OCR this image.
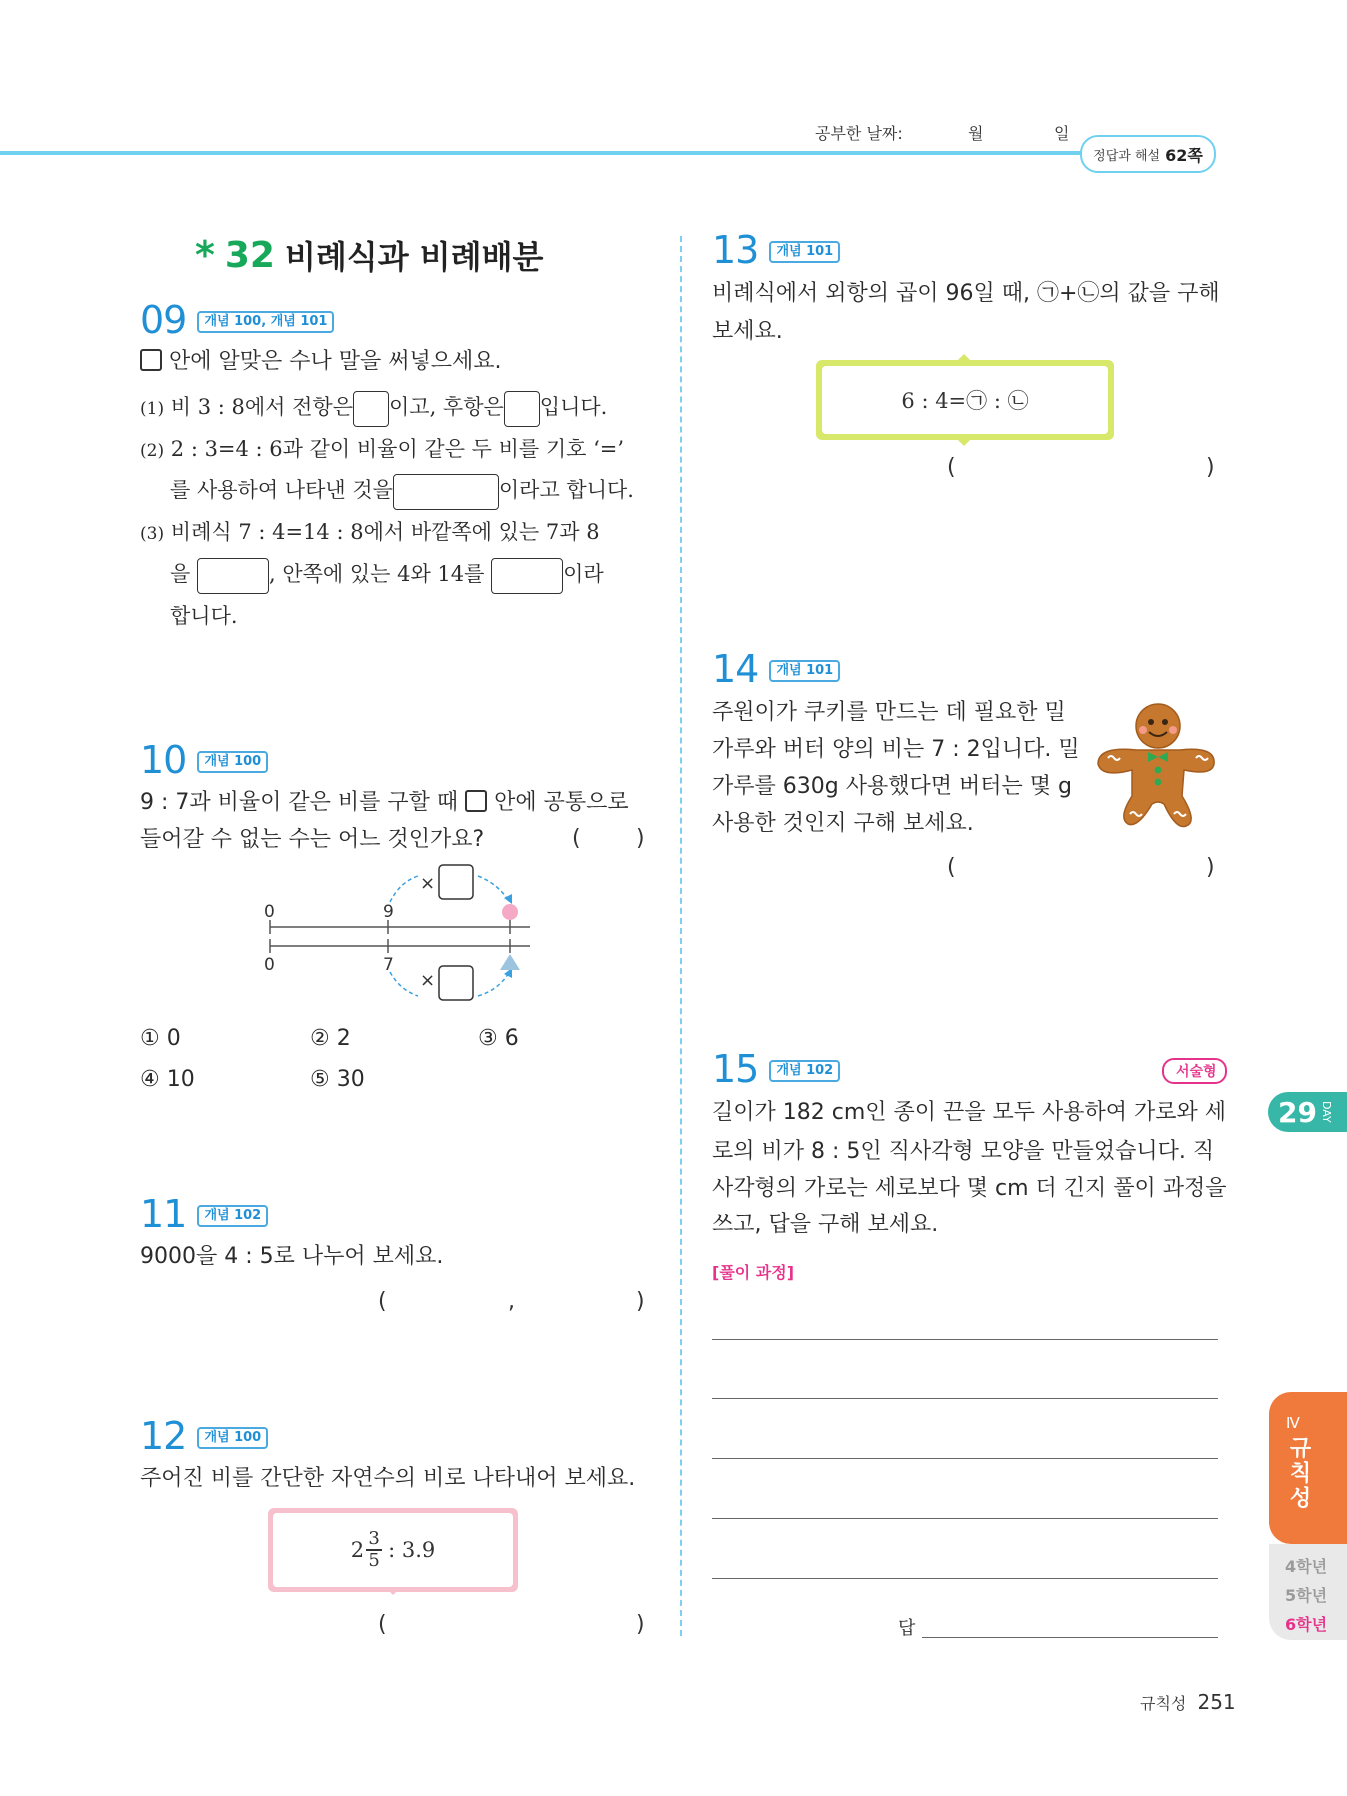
공부한 날짜:	월	일
정답과 해설 62쪽
* 32 비례식과 비례배분
09 개념 100, 개념 101
안에 알맞은 수나 말을 써넣으세요.
(1) 비 3 : 8에서 전항은 이고, 후항은 입니다.
(2) 2 : 3=4 : 6과 같이 비율이 같은 두 비를 기호 ‘=’
를 사용하여 나타낸 것을	이라고 합니다.
(3) 비례식 7 : 4=14 : 8에서 바깥쪽에 있는 7과 8
을	, 안쪽에 있는 4와 14를	이라
합니다.
10 개념 100
9 : 7과 비율이 같은 비를 구할 때 안에 공통으로
들어갈 수 없는 수는 어느 것인가요?	(	)
0	9
0	7
×
×
① 0	② 2	③ 6
④ 10	⑤ 30
11 개념 102
9000을 4 : 5로 나누어 보세요.
(	,	)
12 개념 100
주어진 비를 간단한 자연수의 비로 나타내어 보세요.
2 3
5 : 3.9
(	)
13 개념 101
비례식에서 외항의 곱이 96일 때, ㉠+㉡의 값을 구해
보세요.
6 : 4=㉠ : ㉡
(	)
14 개념 101
주원이가 쿠키를 만드는 데 필요한 밀
가루와 버터 양의 비는 7 : 2입니다. 밀
가루를 630g 사용했다면 버터는 몇 g
사용한 것인지 구해 보세요.
(	)
15 개념 102	서술형
길이가 182 cm인 종이 끈을 모두 사용하여 가로와 세
로의 비가 8 : 5인 직사각형 모양을 만들었습니다. 직
사각형의 가로는 세로보다 몇 cm 더 긴지 풀이 과정을
쓰고, 답을 구해 보세요.
[풀이 과정]
답
29 DAY
Ⅳ
규칙성
4학년
5학년
6학년
규칙성 251
